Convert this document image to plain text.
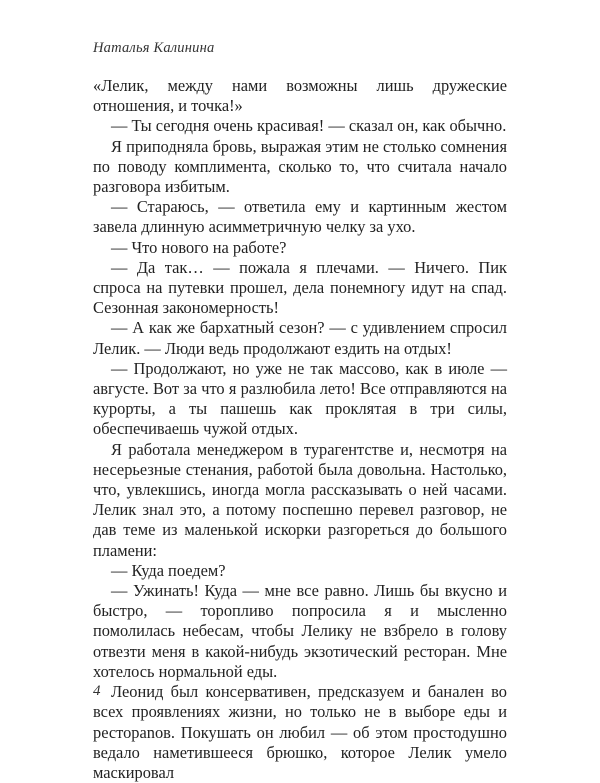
Наталья Калинина

«Лелик, между нами возможны лишь дружеские отношения, и точка!»

— Ты сегодня очень красивая! — сказал он, как обычно.

Я приподняла бровь, выражая этим не столько сомнения по поводу комплимента, сколько то, что считала начало разговора избитым.

— Стараюсь, — ответила ему и картинным жестом завела длинную асимметричную челку за ухо.

— Что нового на работе?

— Да так… — пожала я плечами. — Ничего. Пик спроса на путевки прошел, дела понемногу идут на спад. Сезонная закономерность!

— А как же бархатный сезон? — с удивлением спросил Лелик. — Люди ведь продолжают ездить на отдых!

— Продолжают, но уже не так массово, как в июле — августе. Вот за что я разлюбила лето! Все отправляются на курорты, а ты пашешь как проклятая в три силы, обеспечиваешь чужой отдых.

Я работала менеджером в турагентстве и, несмотря на несерьезные стенания, работой была довольна. Настолько, что, увлекшись, иногда могла рассказывать о ней часами. Лелик знал это, а потому поспешно перевел разговор, не дав теме из маленькой искорки разгореться до большого пламени:

— Куда поедем?

— Ужинать! Куда — мне все равно. Лишь бы вкусно и быстро, — торопливо попросила я и мысленно помолилась небесам, чтобы Лелику не взбрело в голову отвезти меня в какой-нибудь экзотический ресторан. Мне хотелось нормальной еды.

Леонид был консервативен, предсказуем и банален во всех проявлениях жизни, но только не в выборе еды и рестораnов. Покушать он любил — об этом простодушно ведало наметившееся брюшко, которое Лелик умело маскировал

4
